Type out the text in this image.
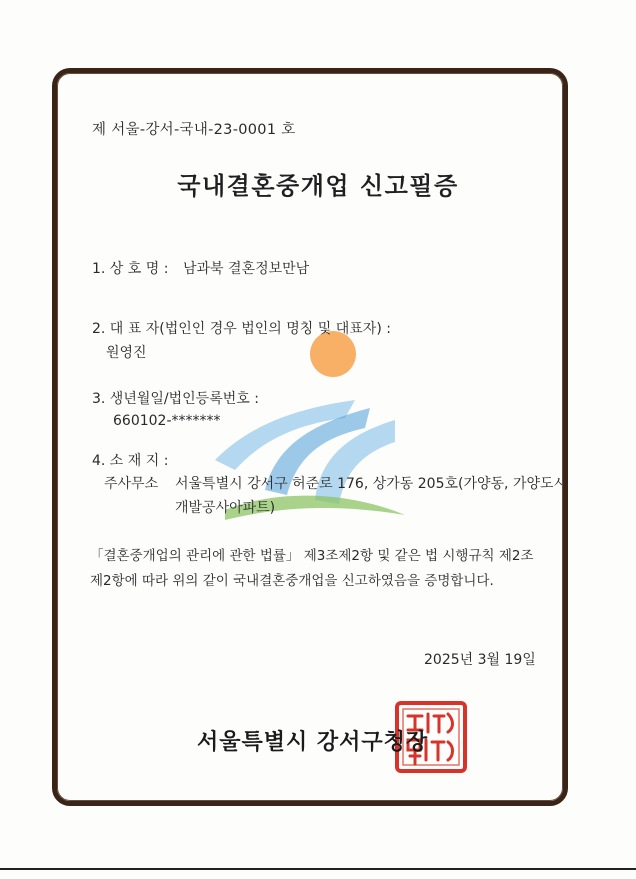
제 서울-강서-국내-23-0001 호
국내결혼중개업 신고필증
1. 상 호 명 : 남과북 결혼정보만남
2. 대 표 자(법인인 경우 법인의 명칭 및 대표자) :
원영진
3. 생년월일/법인등록번호 :
660102-*******
4. 소 재 지 :
주사무소 서울특별시 강서구 허준로 176, 상가동 205호(가양동, 가양도시
개발공사아파트)

「결혼중개업의 관리에 관한 법률」 제3조제2항 및 같은 법 시행규칙 제2조

제2항에 따라 위의 같이 국내결혼중개업을 신고하였음을 증명합니다.

2025년 3월 19일
서울특별시 강서구청장
